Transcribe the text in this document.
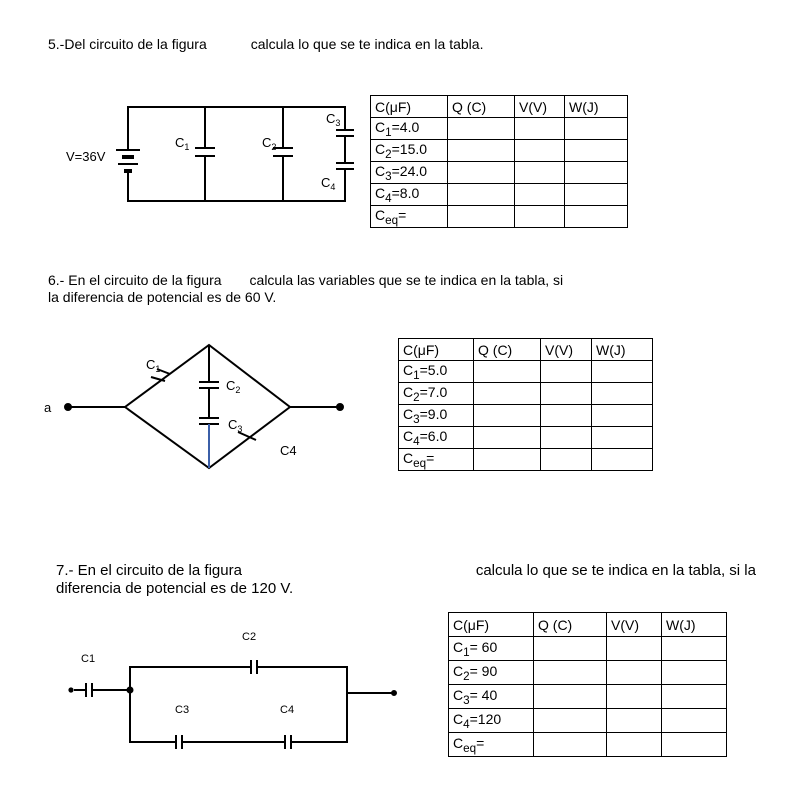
5.-Del circuito de la figura	calcula lo que se te indica en la tabla.
6.- En el circuito de la figura calcula las variables que se te indica en la tabla, si
la diferencia de potencial es de 60 V.
7.- En el circuito de la figura	calcula lo que se te indica en la tabla, si la
diferencia de potencial es de 120 V.
V=36V
$C_1$	$C_2$
$C_3$
$C_4$
a
$C_1$
$C_2$
$C_3$
C4
C1
C2
C3	C4
C(μF)	Q (C)	V(V)	W(J)
$C_1=4.0$			
$C_2=15.0$			
$C_3=24.0$			
$C_4=8.0$			
$C_{eq}=$			
C(μF)	Q (C)	V(V)	W(J)
$C_1=5.0$			
$C_2=7.0$			
$C_3=9.0$			
$C_4=6.0$			
$C_{eq}=$			
C(μF)	Q (C)	V(V)	W(J)
$C_1= 60$			
$C_2= 90$			
$C_3= 40$			
$C_4=120$			
$C_{eq}=$			
